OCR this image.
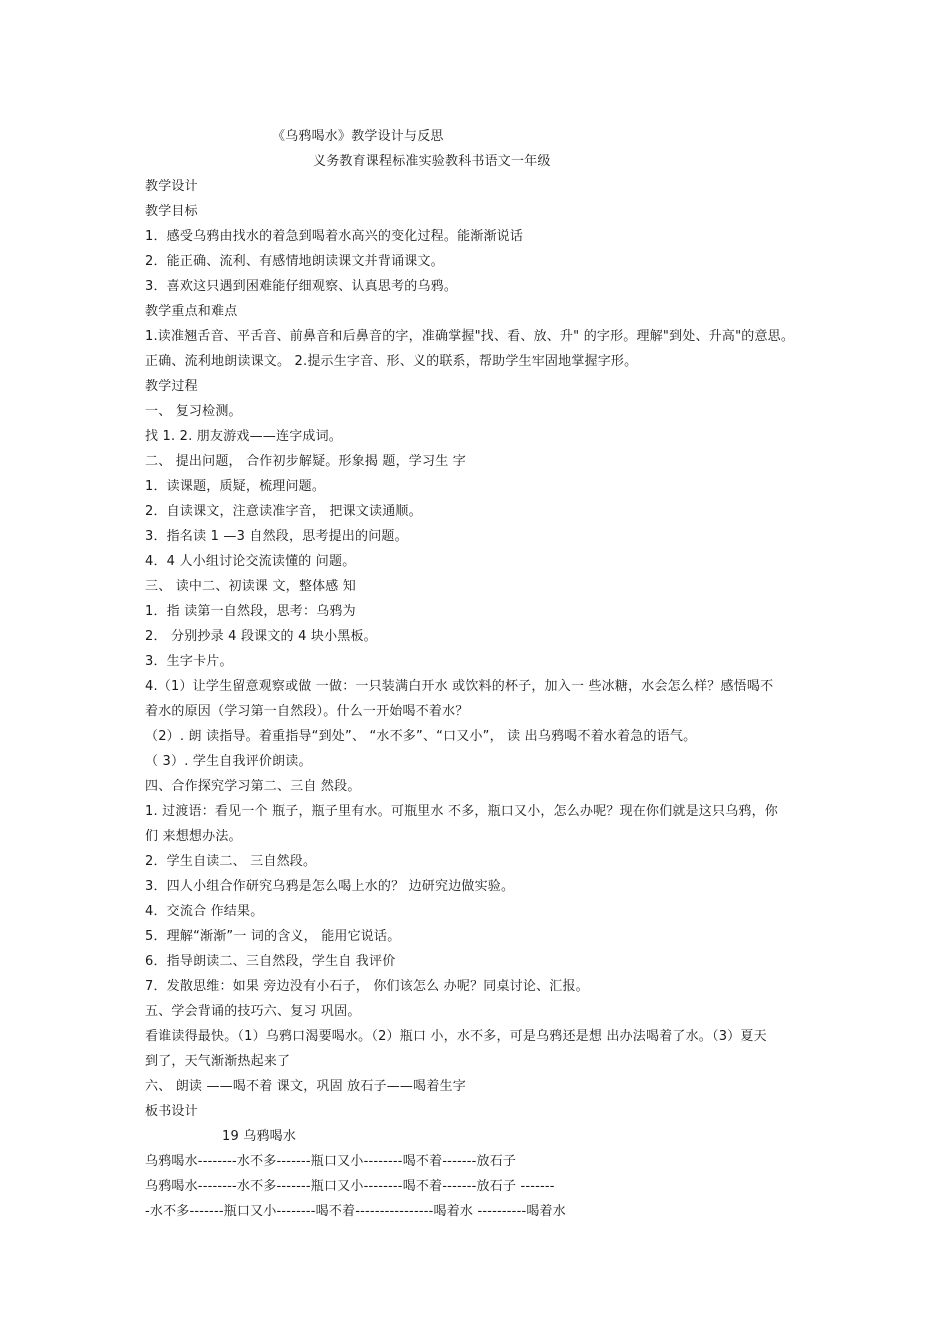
《乌鸦喝水》教学设计与反思
义务教育课程标准实验教科书语文一年级
教学设计
教学目标
1．感受乌鸦由找水的着急到喝着水高兴的变化过程。能渐渐说话
2．能正确、流利、有感情地朗读课文并背诵课文。
3．喜欢这只遇到困难能仔细观察、认真思考的乌鸦。
教学重点和难点
1.读准翘舌音、平舌音、前鼻音和后鼻音的字，准确掌握"找、看、放、升" 的字形。理解"到处、升高"的意思。
正确、流利地朗读课文。 2.提示生字音、形、义的联系，帮助学生牢固地掌握字形。
教学过程
一、 复习检测。
找 1. 2. 朋友游戏——连字成词。
二、 提出问题， 合作初步解疑。形象揭 题，学习生 字
1．读课题，质疑，梳理问题。
2．自读课文，注意读准字音， 把课文读通顺。
3．指名读 1 —3 自然段，思考提出的问题。
4．4 人小组讨论交流读懂的 问题。
三、 读中二、初读课 文，整体感 知
1．指 读第一自然段，思考：乌鸦为
2． 分别抄录 4 段课文的 4 块小黑板。
3．生字卡片。
4.（1）让学生留意观察或做 一做：一只装满白开水 或饮料的杯子，加入一 些冰糖，水会怎么样？感悟喝不
着水的原因（学习第一自然段）。什么一开始喝不着水？
（2）. 朗 读指导。着重指导“到处”、 “水不多”、“口又小”， 读 出乌鸦喝不着水着急的语气。
（ 3）. 学生自我评价朗读。
四、合作探究学习第二、三自 然段。
1. 过渡语：看见一个 瓶子，瓶子里有水。可瓶里水 不多，瓶口又小，怎么办呢？现在你们就是这只乌鸦，你
们 来想想办法。
2．学生自读二、 三自然段。
3．四人小组合作研究乌鸦是怎么喝上水的？ 边研究边做实验。
4．交流合 作结果。
5．理解“渐渐”一 词的含义， 能用它说话。
6．指导朗读二、三自然段，学生自 我评价
7．发散思维：如果 旁边没有小石子， 你们该怎么 办呢？同桌讨论、汇报。
五、学会背诵的技巧六、复习 巩固。
看谁读得最快。（1）乌鸦口渴要喝水。（2）瓶口 小，水不多，可是乌鸦还是想 出办法喝着了水。（3）夏天
到了，天气渐渐热起来了
六、 朗读 ——喝不着 课文，巩固 放石子——喝着生字
板书设计
19 乌鸦喝水
乌鸦喝水--------水不多-------瓶口又小--------喝不着-------放石子
乌鸦喝水--------水不多-------瓶口又小--------喝不着-------放石子 -------
-水不多-------瓶口又小--------喝不着----------------喝着水 ----------喝着水
